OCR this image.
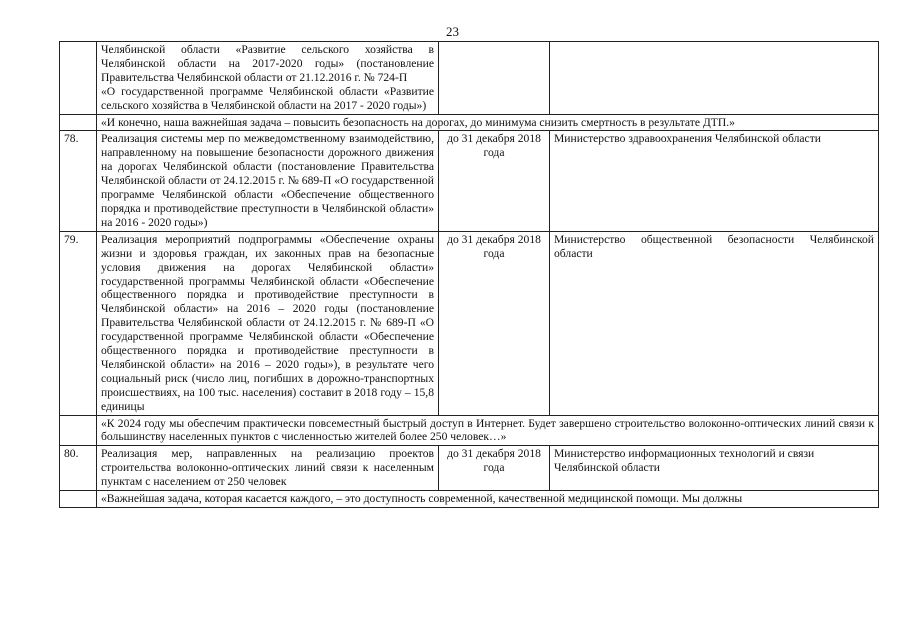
23

	Челябинской области «Развитие сельского хозяйства в Челябинской области на 2017-2020 годы» (постановление Правительства Челябинской области от 21.12.2016 г. № 724-П
«О государственной программе Челябинской области «Развитие сельского хозяйства в Челябинской области на 2017 - 2020 годы»)		

	«И конечно, наша важнейшая задача – повысить безопасность на дорогах, до минимума снизить смертность в результате ДТП.»		
78.	Реализация системы мер по межведомственному взаимодействию, направленному на повышение безопасности дорожного движения на дорогах Челябинской области (постановление Правительства Челябинской области от 24.12.2015 г. № 689-П «О государственной программе Челябинской области «Обеспечение общественного порядка и противодействие преступности в Челябинской области» на 2016 - 2020 годы»)	до 31 декабря 2018 года	Министерство здравоохранения Челябинской области
79.	Реализация мероприятий подпрограммы «Обеспечение охраны жизни и здоровья граждан, их законных прав на безопасные условия движения на дорогах Челябинской области» государственной программы Челябинской области «Обеспечение общественного порядка и противодействие преступности в Челябинской области» на 2016 – 2020 годы (постановление Правительства Челябинской области от 24.12.2015 г. № 689-П «О государственной программе Челябинской области «Обеспечение общественного порядка и противодействие преступности в Челябинской области» на 2016 – 2020 годы»), в результате чего социальный риск (число лиц, погибших в дорожно-транспортных происшествиях, на 100 тыс. населения) составит в 2018 году – 15,8 единицы	до 31 декабря 2018 года	Министерство общественной безопасности Челябинской области
	«К 2024 году мы обеспечим практически повсеместный быстрый доступ в Интернет. Будет завершено строительство волоконно-оптических линий связи к большинству населенных пунктов с численностью жителей более 250 человек…»		
80.	Реализация мер, направленных на реализацию проектов строительства волоконно-оптических линий связи к населенным пунктам с населением от 250 человек	до 31 декабря 2018 года	Министерство информационных технологий и связи Челябинской области
	«Важнейшая задача, которая касается каждого, – это доступность современной, качественной медицинской помощи. Мы должны		
